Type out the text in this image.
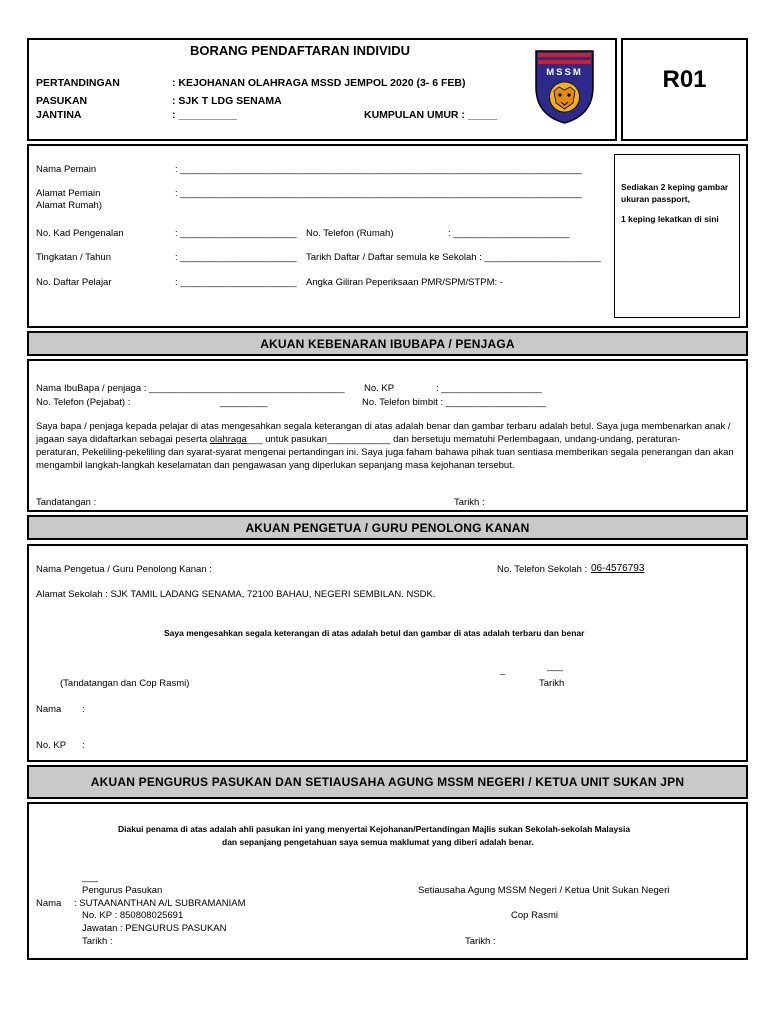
R01
BORANG PENDAFTARAN INDIVIDU
PERTANDINGAN	: KEJOHANAN OLAHRAGA MSSD JEMPOL 2020 (3- 6 FEB)
PASUKAN	: SJK T LDG SENAMA
JANTINA	: __________	KUMPULAN UMUR : _____
MSSM
Nama Pemain	: ____________________________________________________________________________
Alamat Pemain
Alamat Rumah)
: ____________________________________________________________________________
No. Kad Pengenalan	: ______________________ No. Telefon (Rumah)	: ______________________
Tingkatan / Tahun	: ______________________ Tarikh Daftar / Daftar semula ke Sekolah : ______________________
No. Daftar Pelajar	: ______________________ Angka Giliran Peperiksaan PMR/SPM/STPM: -
Sediakan 2 keping gambar ukuran passport,
1 keping lekatkan di sini
AKUAN KEBENARAN IBUBAPA / PENJAGA
Nama IbuBapa / penjaga : _____________________________________ No. KP	: ___________________
No. Telefon (Pejabat) :	_________	No. Telefon bimbit : ___________________
Saya bapa / penjaga kepada pelajar di atas mengesahkan segala keterangan di atas adalah benar dan gambar terbaru adalah betul. Saya juga membenarkan anak /
jagaan saya didaftarkan sebagai peserta olahraga___ untuk pasukan____________ dan bersetuju mematuhi Perlembagaan, undang-undang, peraturan-
peraturan, Pekeliling-pekeliling dan syarat-syarat mengenai pertandingan ini. Saya juga faham bahawa pihak tuan sentiasa memberikan segala penerangan dan akan
mengambil langkah-langkah keselamatan dan pengawasan yang diperlukan sepanjang masa kejohanan tersebut.
Tandatangan :	Tarikh :
AKUAN PENGETUA / GURU PENOLONG KANAN
Nama Pengetua / Guru Penolong Kanan :	No. Telefon Sekolah : 06-4576793
Alamat Sekolah : SJK TAMIL LADANG SENAMA, 72100 BAHAU, NEGERI SEMBILAN. NSDK.
Saya mengesahkan segala keterangan di atas adalah betul dan gambar di atas adalah terbaru dan benar
_	___
(Tandatangan dan Cop Rasmi)	Tarikh
Nama :
No. KP :
AKUAN PENGURUS PASUKAN DAN SETIAUSAHA AGUNG MSSM NEGERI / KETUA UNIT SUKAN JPN
Diakui penama di atas adalah ahli pasukan ini yang menyertai Kejohanan/Pertandingan Majlis sukan Sekolah-sekolah Malaysia
dan sepanjang pengetahuan saya semua maklumat yang diberi adalah benar.
___
Pengurus Pasukan	Setiausaha Agung MSSM Negeri / Ketua Unit Sukan Negeri
Nama : SUTAANANTHAN A/L SUBRAMANIAM
No. KP : 850808025691	Cop Rasmi
Jawatan : PENGURUS PASUKAN
Tarikh :	Tarikh :
